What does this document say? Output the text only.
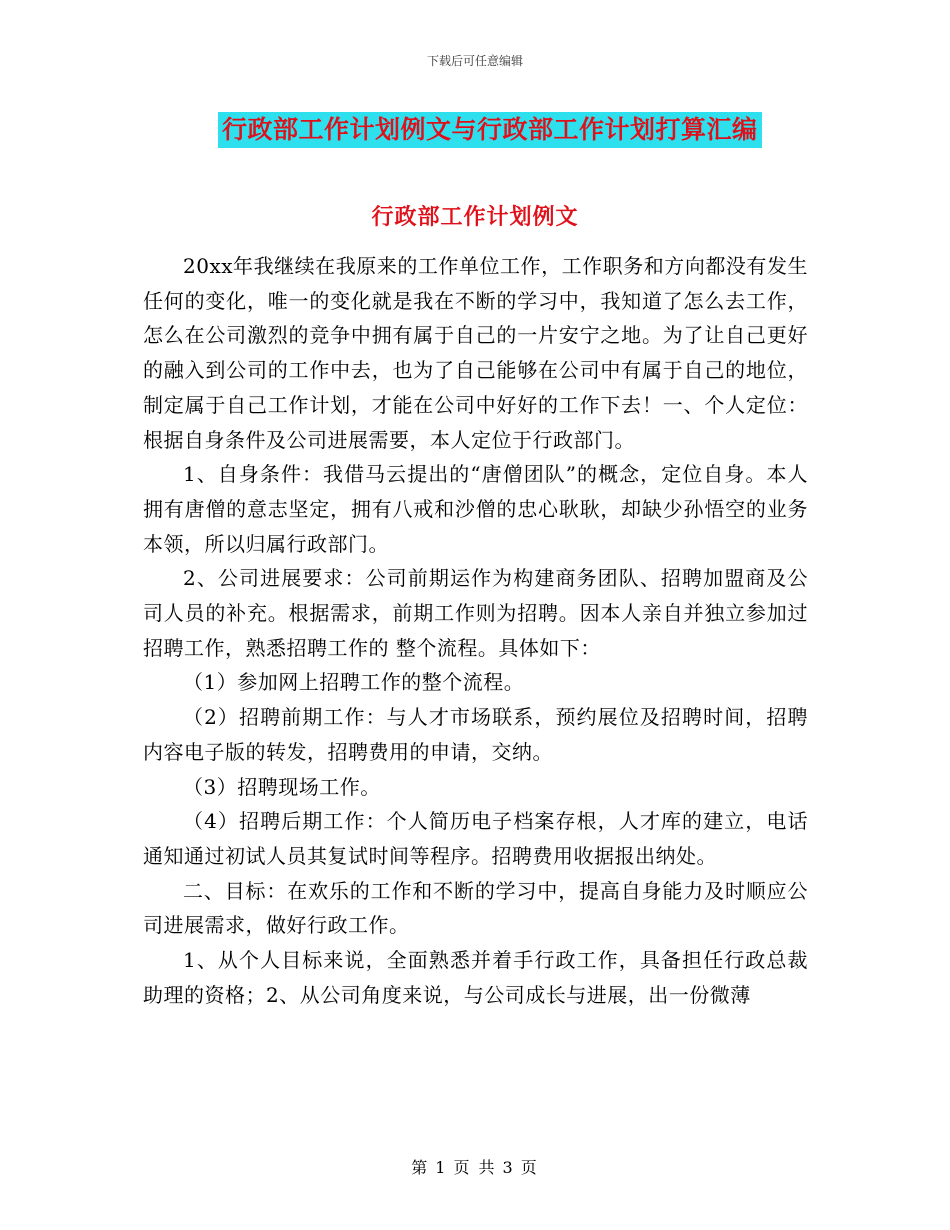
下载后可任意编辑
行政部工作计划例文与行政部工作计划打算汇编
行政部工作计划例文

20xx年我继续在我原来的工作单位工作，工作职务和方向都没有发生任何的变化，唯一的变化就是我在不断的学习中，我知道了怎么去工作，怎么在公司激烈的竞争中拥有属于自己的一片安宁之地。为了让自己更好的融入到公司的工作中去，也为了自己能够在公司中有属于自己的地位，制定属于自己工作计划，才能在公司中好好的工作下去！一、个人定位：根据自身条件及公司进展需要，本人定位于行政部门。

1、自身条件：我借马云提出的“唐僧团队”的概念，定位自身。本人拥有唐僧的意志坚定，拥有八戒和沙僧的忠心耿耿，却缺少孙悟空的业务本领，所以归属行政部门。

2、公司进展要求：公司前期运作为构建商务团队、招聘加盟商及公司人员的补充。根据需求，前期工作则为招聘。因本人亲自并独立参加过招聘工作，熟悉招聘工作的 整个流程。具体如下：

（1）参加网上招聘工作的整个流程。

（2）招聘前期工作：与人才市场联系，预约展位及招聘时间，招聘内容电子版的转发，招聘费用的申请，交纳。

（3）招聘现场工作。

（4）招聘后期工作：个人简历电子档案存根，人才库的建立，电话通知通过初试人员其复试时间等程序。招聘费用收据报出纳处。

二、目标：在欢乐的工作和不断的学习中，提高自身能力及时顺应公司进展需求，做好行政工作。

1、从个人目标来说，全面熟悉并着手行政工作，具备担任行政总裁助理的资格；2、从公司角度来说，与公司成长与进展，出一份微薄

第 1 页 共 3 页
